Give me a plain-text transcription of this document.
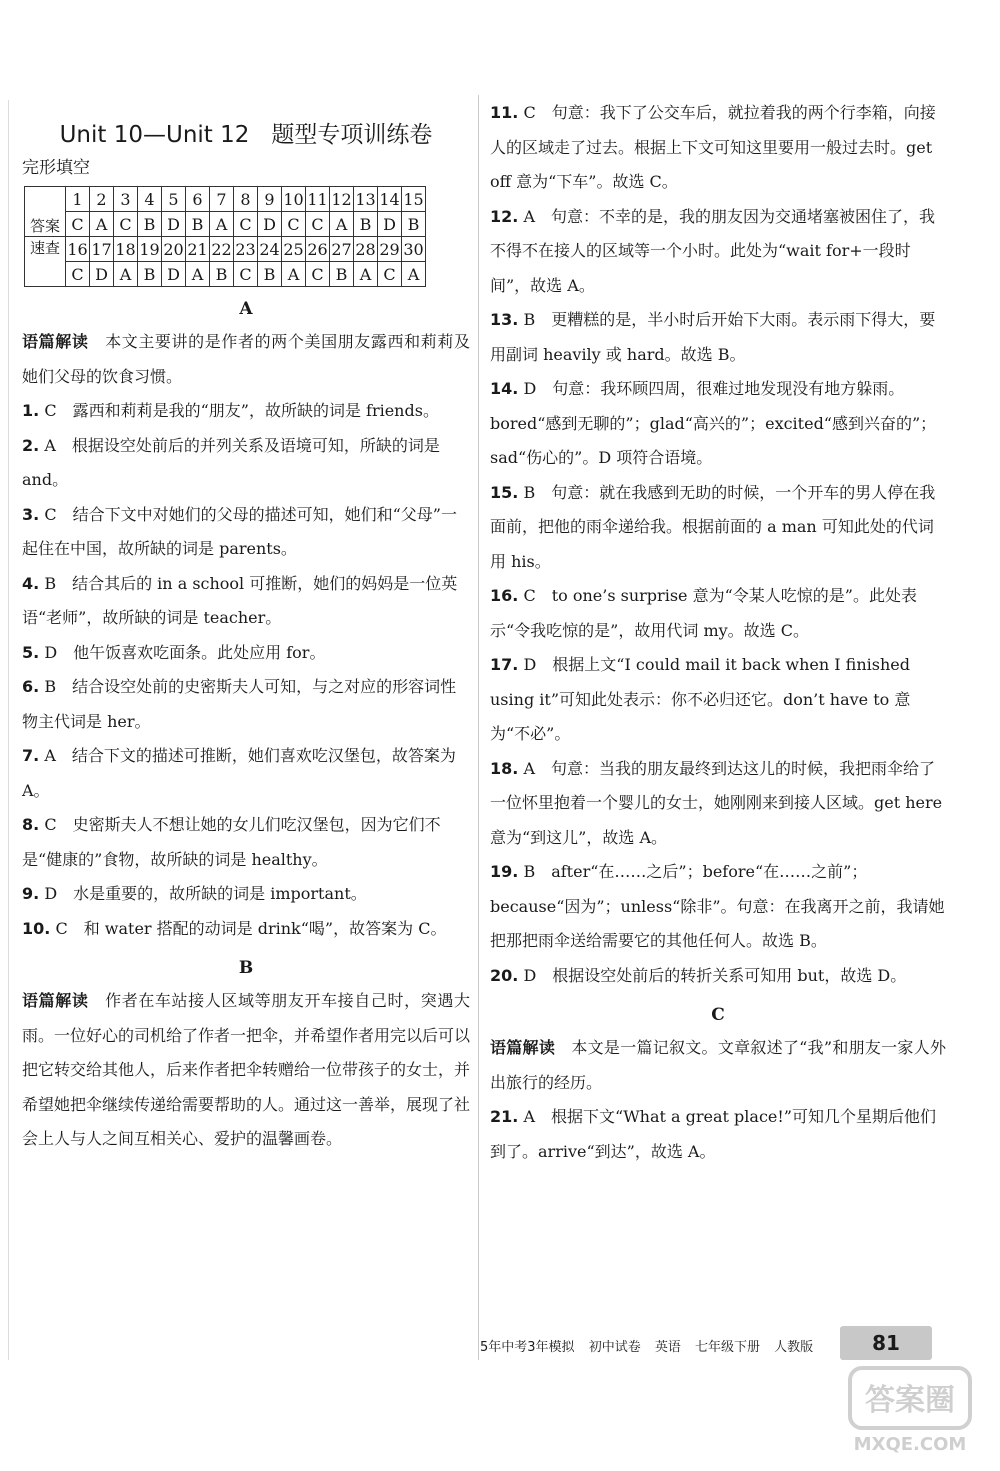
Unit 10—Unit 12 题型专项训练卷
完形填空
答案	1	2	3	4	5	6	7	8	9	10	11	12	13	14	15
	C	A	C	B	D	B	A	C	D	C	C	A	B	D	B
速查	16	17	18	19	20	21	22	23	24	25	26	27	28	29	30
	C	D	A	B	D	A	B	C	B	A	C	B	A	C	A
A

语篇解读　 本文主要讲的是作者的两个美国朋友露西和莉莉及她们父母的饮食习惯。

1. C　 露西和莉莉是我的“朋友”，故所缺的词是 friends。
2. A　 根据设空处前后的并列关系及语境可知，所缺的词是 and。
3. C　 结合下文中对她们的父母的描述可知，她们和“父母”一起住在中国，故所缺的词是 parents。
4. B　 结合其后的 in a school 可推断，她们的妈妈是一位英语“老师”，故所缺的词是 teacher。
5. D　 他午饭喜欢吃面条。此处应用 for。
6. B　 结合设空处前的史密斯夫人可知，与之对应的形容词性物主代词是 her。
7. A　 结合下文的描述可推断，她们喜欢吃汉堡包，故答案为 A。
8. C　 史密斯夫人不想让她的女儿们吃汉堡包，因为它们不是“健康的”食物，故所缺的词是 healthy。
9. D　 水是重要的，故所缺的词是 important。
10. C　 和 water 搭配的动词是 drink“喝”，故答案为 C。
B

语篇解读　 作者在车站接人区域等朋友开车接自己时，突遇大雨。一位好心的司机给了作者一把伞，并希望作者用完以后可以把它转交给其他人，后来作者把伞转赠给一位带孩子的女士，并希望她把伞继续传递给需要帮助的人。通过这一善举，展现了社会上人与人之间互相关心、爱护的温馨画卷。

11. C　 句意：我下了公交车后，就拉着我的两个行李箱，向接人的区域走了过去。根据上下文可知这里要用一般过去时。get off 意为“下车”。故选 C。
12. A　 句意：不幸的是，我的朋友因为交通堵塞被困住了，我不得不在接人的区域等一个小时。此处为“wait for+一段时间”，故选 A。
13. B　 更糟糕的是，半小时后开始下大雨。表示雨下得大，要用副词 heavily 或 hard。故选 B。
14. D　 句意：我环顾四周，很难过地发现没有地方躲雨。bored“感到无聊的”；glad“高兴的”；excited“感到兴奋的”；sad“伤心的”。D 项符合语境。
15. B　 句意：就在我感到无助的时候，一个开车的男人停在我面前，把他的雨伞递给我。根据前面的 a man 可知此处的代词用 his。
16. C　 to one’s surprise 意为“令某人吃惊的是”。此处表示“令我吃惊的是”，故用代词 my。故选 C。
17. D　 根据上文“I could mail it back when I finished using it”可知此处表示：你不必归还它。don’t have to 意为“不必”。
18. A　 句意：当我的朋友最终到达这儿的时候，我把雨伞给了一位怀里抱着一个婴儿的女士，她刚刚来到接人区域。get here 意为“到这儿”，故选 A。
19. B　 after“在……之后”；before“在……之前”；because“因为”；unless“除非”。句意：在我离开之前，我请她把那把雨伞送给需要它的其他任何人。故选 B。
20. D　 根据设空处前后的转折关系可知用 but，故选 D。
C

语篇解读　 本文是一篇记叙文。文章叙述了“我”和朋友一家人外出旅行的经历。

21. A　 根据下文“What a great place!”可知几个星期后他们到了。arrive“到达”，故选 A。
5年中考3年模拟 初中试卷 英语 七年级下册 人教版	81
答案圈
MXQE.COM
